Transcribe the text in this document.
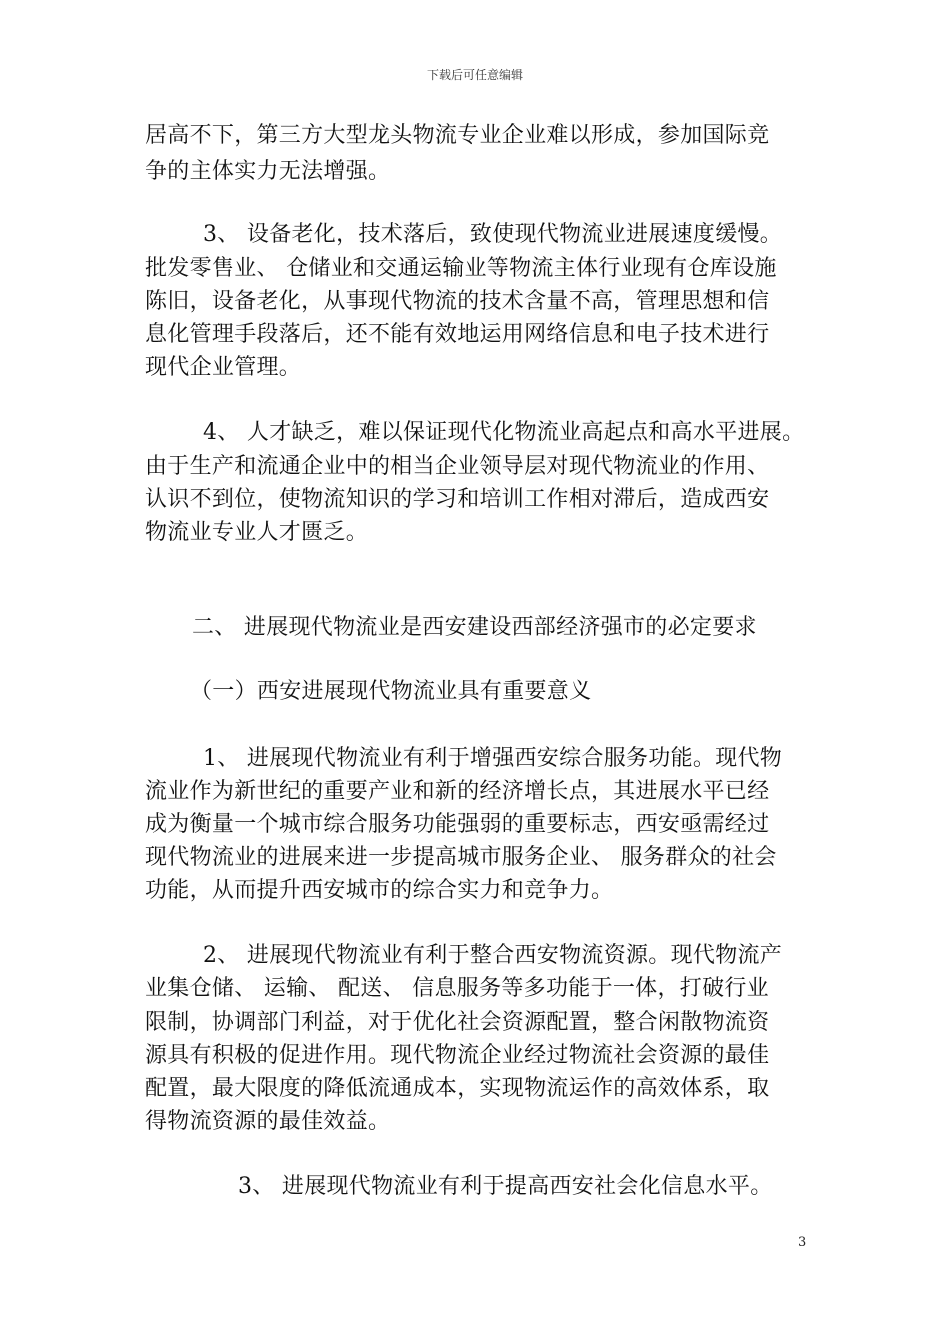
下载后可任意编辑
居高不下，第三方大型龙头物流专业企业难以形成，参加国际竞
争的主体实力无法增强。
3、 设备老化，技术落后，致使现代物流业进展速度缓慢。
批发零售业、 仓储业和交通运输业等物流主体行业现有仓库设施
陈旧，设备老化，从事现代物流的技术含量不高，管理思想和信
息化管理手段落后，还不能有效地运用网络信息和电子技术进行
现代企业管理。
4、 人才缺乏，难以保证现代化物流业高起点和高水平进展。
由于生产和流通企业中的相当企业领导层对现代物流业的作用、
认识不到位，使物流知识的学习和培训工作相对滞后，造成西安
物流业专业人才匮乏。
二、 进展现代物流业是西安建设西部经济强市的必定要求
（一）西安进展现代物流业具有重要意义
1、 进展现代物流业有利于增强西安综合服务功能。现代物
流业作为新世纪的重要产业和新的经济增长点，其进展水平已经
成为衡量一个城市综合服务功能强弱的重要标志，西安亟需经过
现代物流业的进展来进一步提高城市服务企业、 服务群众的社会
功能，从而提升西安城市的综合实力和竞争力。
2、 进展现代物流业有利于整合西安物流资源。现代物流产
业集仓储、 运输、 配送、 信息服务等多功能于一体，打破行业
限制，协调部门利益，对于优化社会资源配置，整合闲散物流资
源具有积极的促进作用。现代物流企业经过物流社会资源的最佳
配置，最大限度的降低流通成本，实现物流运作的高效体系，取
得物流资源的最佳效益。
3、 进展现代物流业有利于提高西安社会化信息水平。
3
